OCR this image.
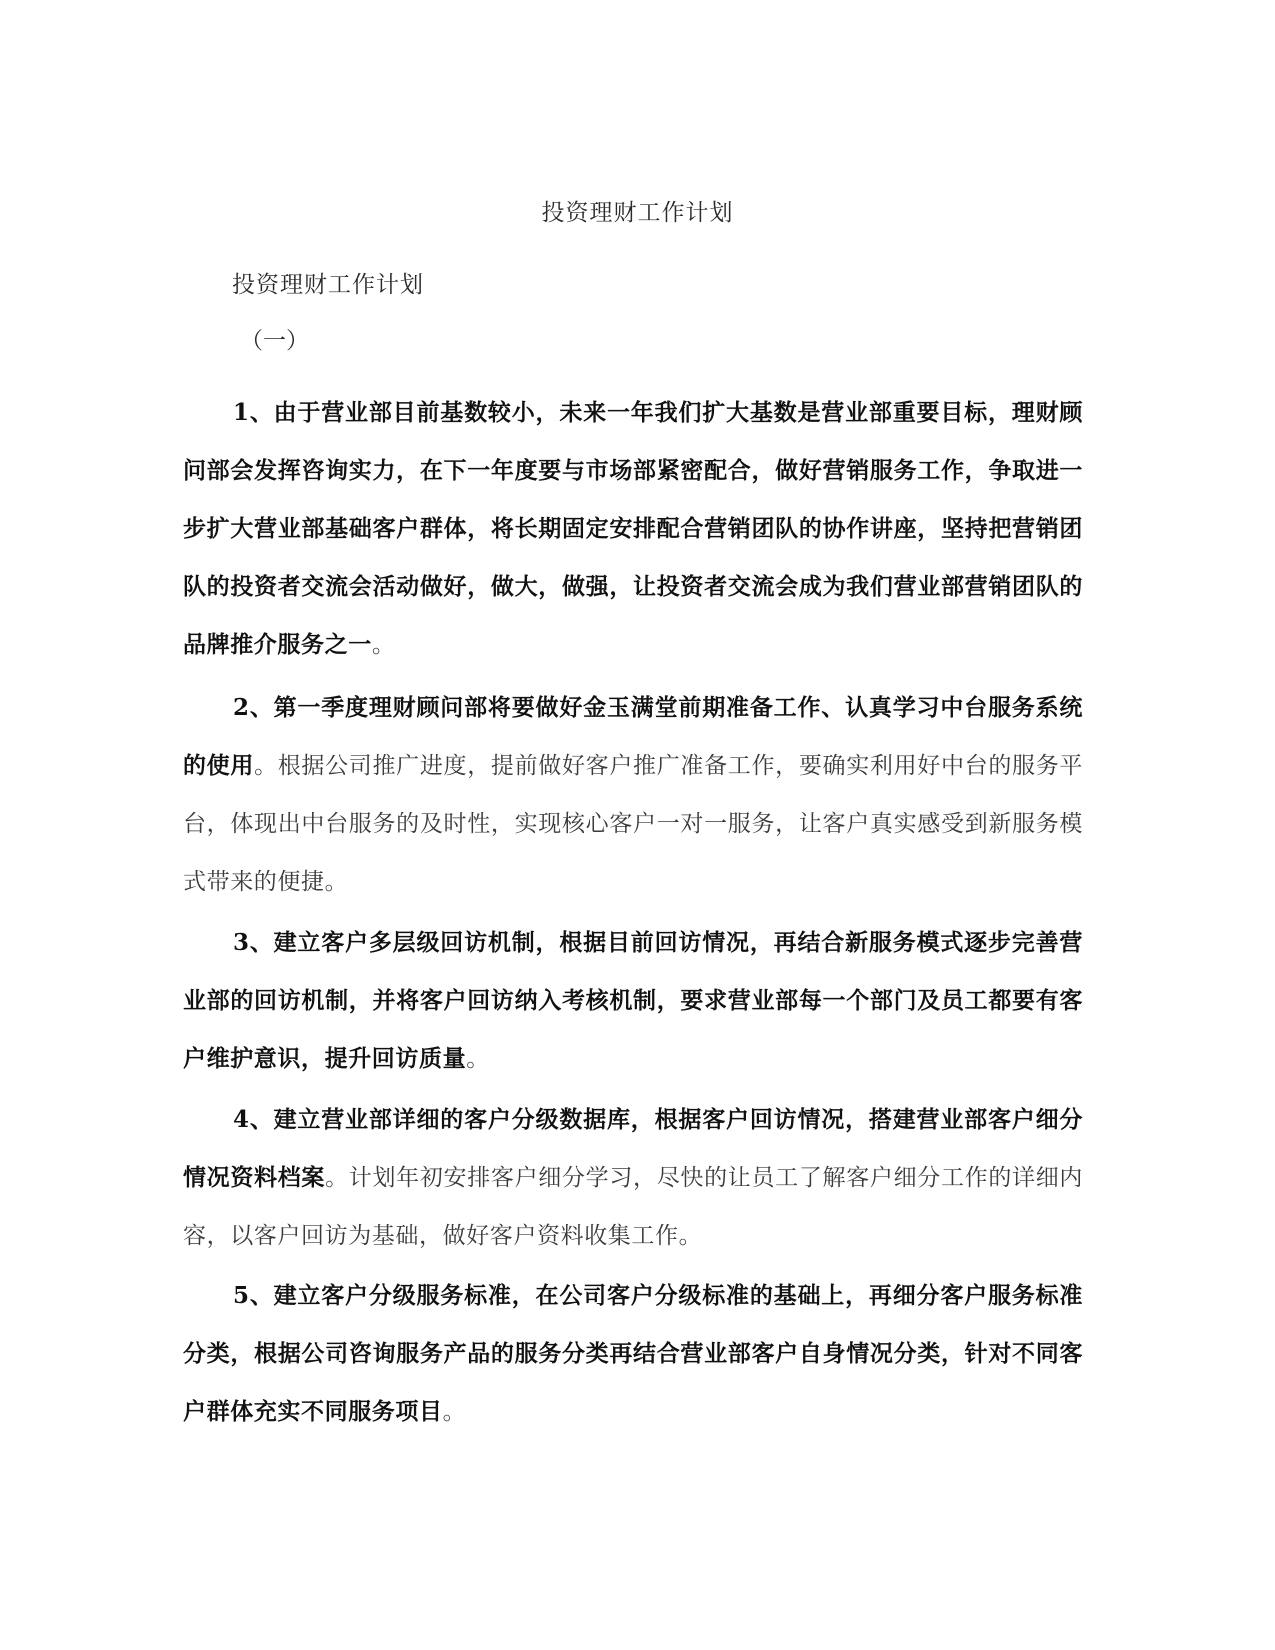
投资理财工作计划
投资理财工作计划
（一）

1、由于营业部目前基数较小，未来一年我们扩大基数是营业部重要目标，理财顾问部会发挥咨询实力，在下一年度要与市场部紧密配合，做好营销服务工作，争取进一步扩大营业部基础客户群体，将长期固定安排配合营销团队的协作讲座，坚持把营销团队的投资者交流会活动做好，做大，做强，让投资者交流会成为我们营业部营销团队的品牌推介服务之一。

2、第一季度理财顾问部将要做好金玉满堂前期准备工作、认真学习中台服务系统的使用。根据公司推广进度，提前做好客户推广准备工作，要确实利用好中台的服务平台，体现出中台服务的及时性，实现核心客户一对一服务，让客户真实感受到新服务模式带来的便捷。

3、建立客户多层级回访机制，根据目前回访情况，再结合新服务模式逐步完善营业部的回访机制，并将客户回访纳入考核机制，要求营业部每一个部门及员工都要有客户维护意识，提升回访质量。

4、建立营业部详细的客户分级数据库，根据客户回访情况，搭建营业部客户细分情况资料档案。计划年初安排客户细分学习，尽快的让员工了解客户细分工作的详细内容，以客户回访为基础，做好客户资料收集工作。

5、建立客户分级服务标准，在公司客户分级标准的基础上，再细分客户服务标准分类，根据公司咨询服务产品的服务分类再结合营业部客户自身情况分类，针对不同客户群体充实不同服务项目。
